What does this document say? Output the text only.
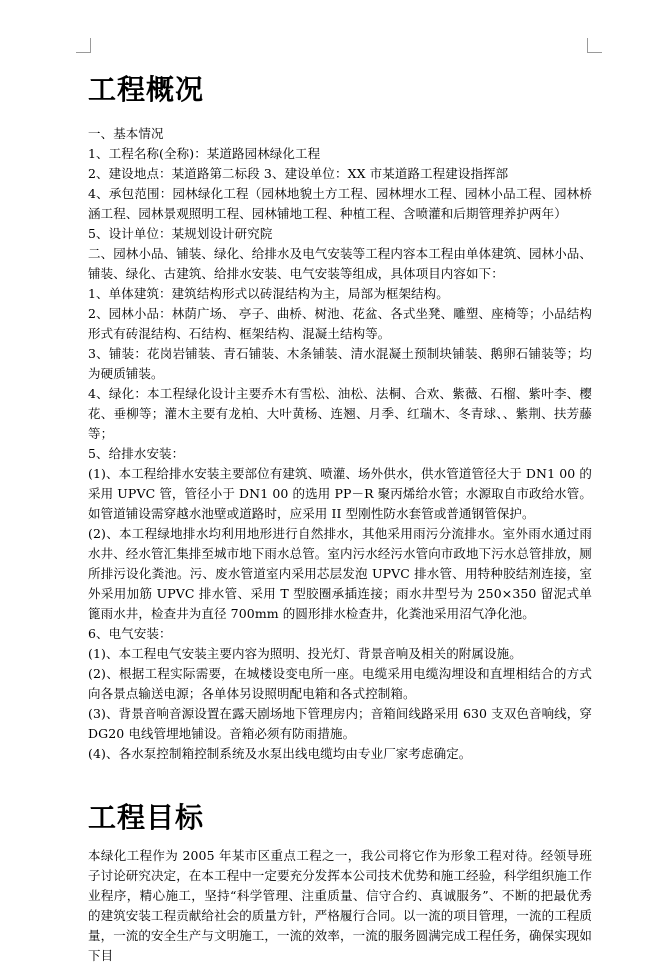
工程概况

一、基本情况

1、工程名称(全称)：某道路园林绿化工程

2、建设地点：某道路第二标段 3、建设单位：XX 市某道路工程建设指挥部

4、承包范围：园林绿化工程（园林地貌土方工程、园林埋水工程、园林小品工程、园林桥涵工程、园林景观照明工程、园林铺地工程、种植工程、含喷灌和后期管理养护两年）

5、设计单位：某规划设计研究院

二、园林小品、铺装、绿化、给排水及电气安装等工程内容本工程由单体建筑、园林小品、铺装、绿化、古建筑、给排水安装、电气安装等组成，具体项目内容如下：

1、单体建筑：建筑结构形式以砖混结构为主，局部为框架结构。

2、园林小品：林荫广场、 亭子、曲桥、树池、花盆、各式坐凳、雕塑、座椅等；小品结构形式有砖混结构、石结构、框架结构、混凝土结构等。

3、铺装：花岗岩铺装、青石铺装、木条铺装、清水混凝土预制块铺装、鹅卵石铺装等；均为硬质铺装。

4、绿化：本工程绿化设计主要乔木有雪松、油松、法桐、合欢、紫薇、石榴、紫叶李、樱花、垂柳等；灌木主要有龙柏、大叶黄杨、连翘、月季、红瑞木、冬青球、、紫荆、扶芳藤等；

5、给排水安装：

(1)、本工程给排水安装主要部位有建筑、喷灌、场外供水，供水管道管径大于 DN1 00 的采用 UPVC 管，管径小于 DN1 00 的选用 PP－R 聚丙烯给水管；水源取自市政给水管。如管道铺设需穿越水池壁或道路时，应采用 II 型刚性防水套管或普通钢管保护。

(2)、本工程绿地排水均利用地形进行自然排水，其他采用雨污分流排水。室外雨水通过雨水井、经水管汇集排至城市地下雨水总管。室内污水经污水管向市政地下污水总管排放，厕所排污设化粪池。污、废水管道室内采用芯层发泡 UPVC 排水管、用特种胶结剂连接，室外采用加筋 UPVC 排水管、采用 T 型胶圈承插连接；雨水井型号为 250×350 留泥式单篦雨水井，检查井为直径 700mm 的圆形排水检查井，化粪池采用沼气净化池。

6、电气安装：

(1)、本工程电气安装主要内容为照明、投光灯、背景音响及相关的附属设施。

(2)、根据工程实际需要，在城楼设变电所一座。电缆采用电缆沟埋设和直埋相结合的方式向各景点输送电源；各单体另设照明配电箱和各式控制箱。

(3)、背景音响音源设置在露天剧场地下管理房内；音箱间线路采用 630 支双色音响线，穿 DG20 电线管埋地铺设。音箱必须有防雨措施。

(4)、各水泵控制箱控制系统及水泵出线电缆均由专业厂家考虑确定。

工程目标

本绿化工程作为 2005 年某市区重点工程之一，我公司将它作为形象工程对待。经领导班子讨论研究决定，在本工程中一定要充分发挥本公司技术优势和施工经验，科学组织施工作业程序，精心施工，坚持“科学管理、注重质量、信守合约、真诚服务”、不断的把最优秀的建筑安装工程贡献给社会的质量方针，严格履行合同。以一流的项目管理，一流的工程质量，一流的安全生产与文明施工，一流的效率，一流的服务圆满完成工程任务，确保实现如下目
